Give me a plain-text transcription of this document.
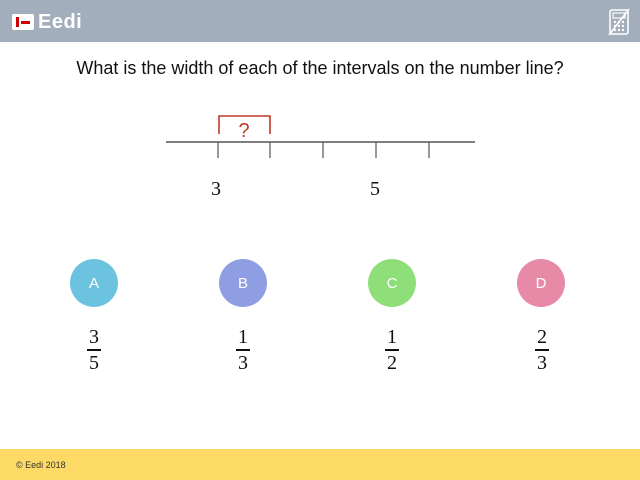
Eedi
What is the width of each of the intervals on the number line?
?
3	5
A	B	C	D
3
5
1
3
1
2
2
3
© Eedi 2018
